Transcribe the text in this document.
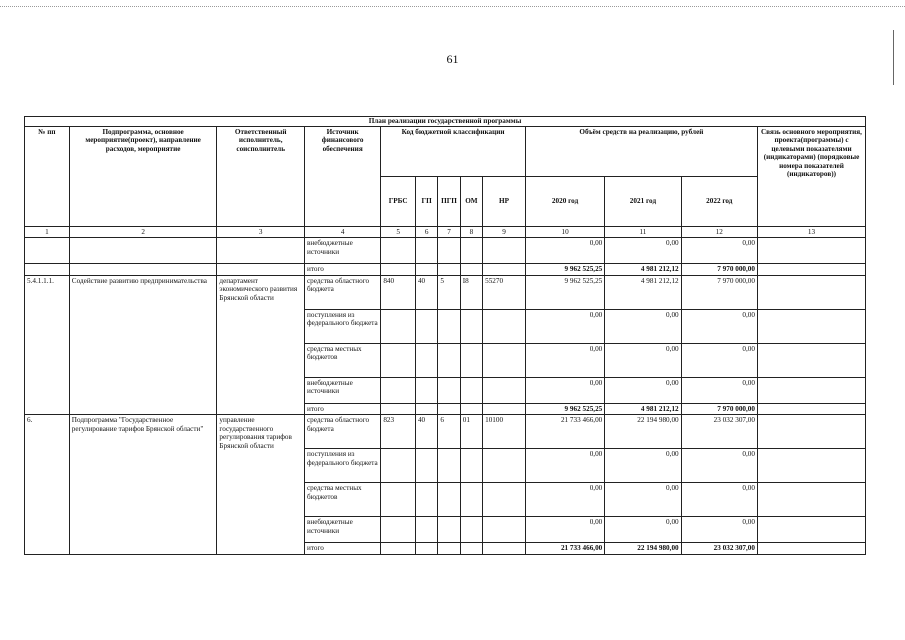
61
План реализации государственной программы												
№ пп	Подпрограмма, основное мероприятие(проект), направление расходов, мероприятие	Ответственный исполнитель, соисполнитель	Источник финансового обеспечения	Код бюджетной классификации					Объём средств на реализацию, рублей			Связь основного мероприятия, проекта(программы) с целевыми показателями (индикаторами) (порядковые номера показателей (индикаторов))
				ГРБС	ГП	ПГП	ОМ	НР	2020 год	2021 год	2022 год	
1	2	3	4	5	6	7	8	9	10	11	12	13
			внебюджетные источники						0,00	0,00	0,00	
			итого						9 962 525,25	4 981 212,12	7 970 000,00	
5.4.1.1.1.	Содействие развитию предпринимательства	департамент экономического развития Брянской области	средства областного бюджета	840	40	5	I8	55270	9 962 525,25	4 981 212,12	7 970 000,00	
			поступления из федерального бюджета						0,00	0,00	0,00	
			средства местных бюджетов						0,00	0,00	0,00	
			внебюджетные источники						0,00	0,00	0,00	
			итого						9 962 525,25	4 981 212,12	7 970 000,00	
6.	Подпрограмма "Государственное регулирование тарифов Брянской области"	управление государственного регулирования тарифов Брянской области	средства областного бюджета	823	40	6	01	10100	21 733 466,00	22 194 980,00	23 032 307,00	
			поступления из федерального бюджета						0,00	0,00	0,00	
			средства местных бюджетов						0,00	0,00	0,00	
			внебюджетные источники						0,00	0,00	0,00	
			итого						21 733 466,00	22 194 980,00	23 032 307,00	
